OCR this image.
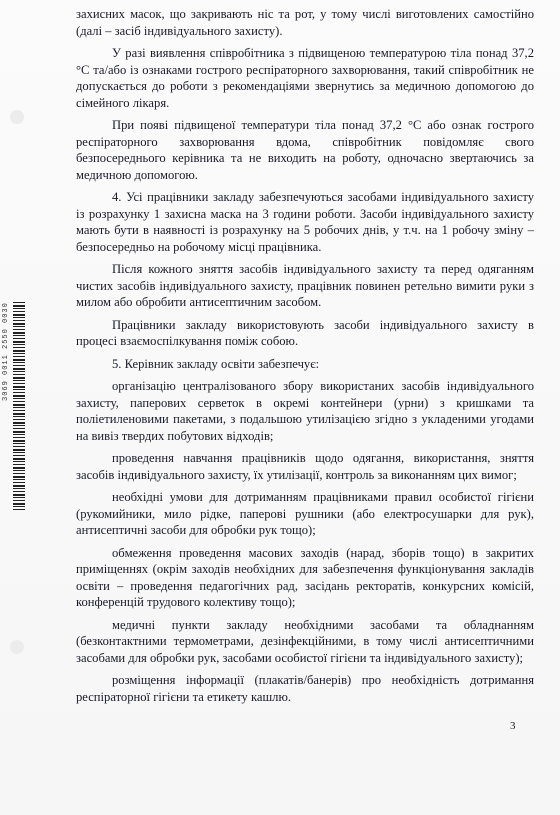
3069 0011 2550 0030

захисних масок, що закривають ніс та рот, у тому числі виготовлених самостійно (далі – засіб індивідуального захисту).

У разі виявлення співробітника з підвищеною температурою тіла понад 37,2 °C та/або із ознаками гострого респіраторного захворювання, такий співробітник не допускається до роботи з рекомендаціями звернутись за медичною допомогою до сімейного лікаря.

При появі підвищеної температури тіла понад 37,2 °C або ознак гострого респіраторного захворювання вдома, співробітник повідомляє свого безпосереднього керівника та не виходить на роботу, одночасно звертаючись за медичною допомогою.

4. Усі працівники закладу забезпечуються засобами індивідуального захисту із розрахунку 1 захисна маска на 3 години роботи. Засоби індивідуального захисту мають бути в наявності із розрахунку на 5 робочих днів, у т.ч. на 1 робочу зміну – безпосередньо на робочому місці працівника.

Після кожного зняття засобів індивідуального захисту та перед одяганням чистих засобів індивідуального захисту, працівник повинен ретельно вимити руки з милом або обробити антисептичним засобом.

Працівники закладу використовують засоби індивідуального захисту в процесі взаємоспілкування поміж собою.

5. Керівник закладу освіти забезпечує:

організацію централізованого збору використаних засобів індивідуального захисту, паперових серветок в окремі контейнери (урни) з кришками та поліетиленовими пакетами, з подальшою утилізацією згідно з укладеними угодами на вивіз твердих побутових відходів;

проведення навчання працівників щодо одягання, використання, зняття засобів індивідуального захисту, їх утилізації, контроль за виконанням цих вимог;

необхідні умови для дотриманням працівниками правил особистої гігієни (рукомийники, мило рідке, паперові рушники (або електросушарки для рук), антисептичні засоби для обробки рук тощо);

обмеження проведення масових заходів (нарад, зборів тощо) в закритих приміщеннях (окрім заходів необхідних для забезпечення функціонування закладів освіти – проведення педагогічних рад, засідань ректоратів, конкурсних комісій, конференцій трудового колективу тощо);

медичні пункти закладу необхідними засобами та обладнанням (безконтактними термометрами, дезінфекційними, в тому числі антисептичними засобами для обробки рук, засобами особистої гігієни та індивідуального захисту);

розміщення інформації (плакатів/банерів) про необхідність дотримання респіраторної гігієни та етикету кашлю.

3
